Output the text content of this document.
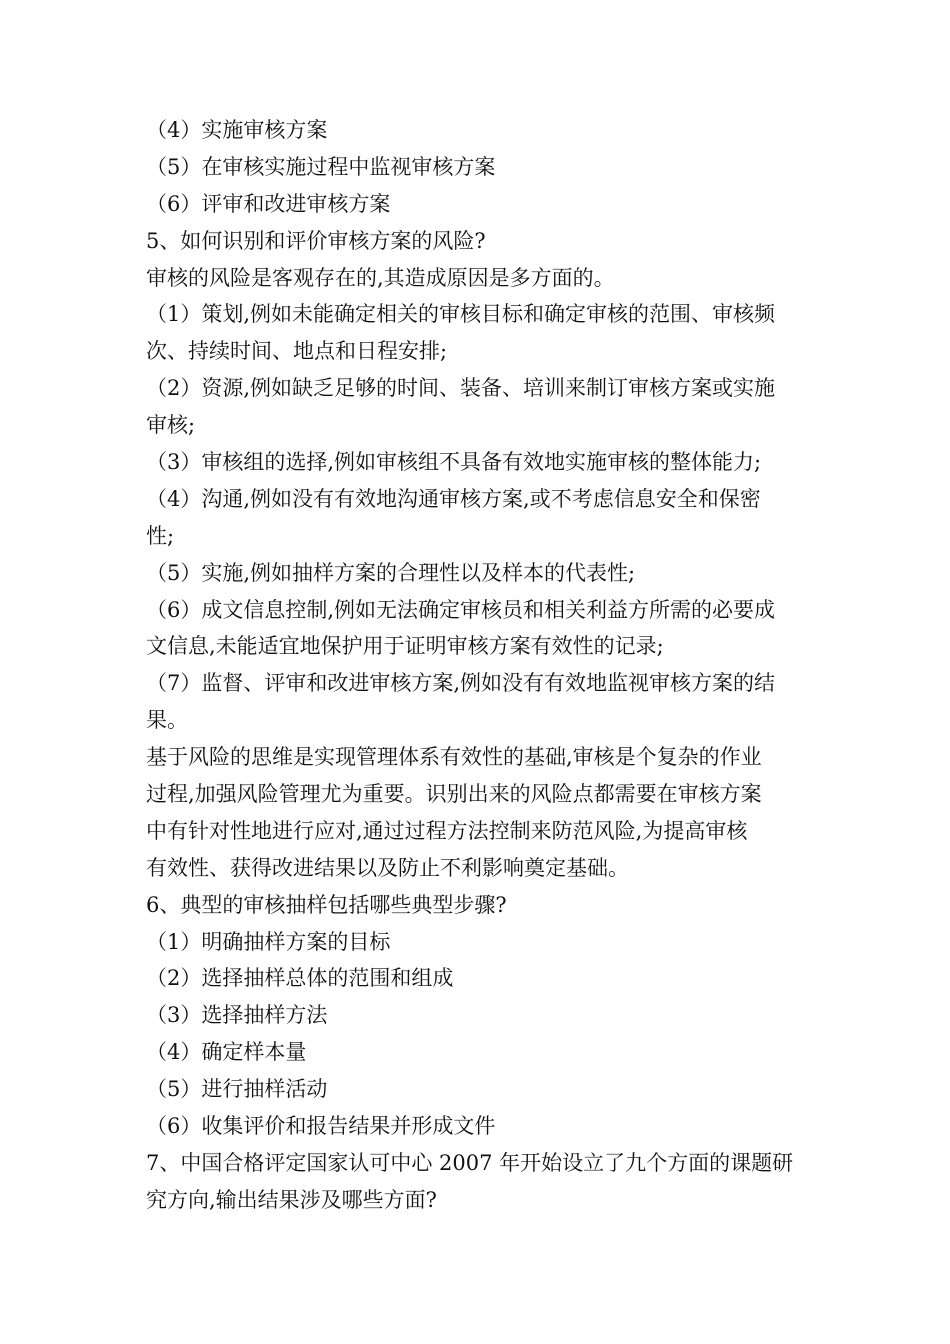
（4）实施审核方案
（5）在审核实施过程中监视审核方案
（6）评审和改进审核方案
5、如何识别和评价审核方案的风险?
审核的风险是客观存在的,其造成原因是多方面的。
（1）策划,例如未能确定相关的审核目标和确定审核的范围、审核频
次、持续时间、地点和日程安排;
（2）资源,例如缺乏足够的时间、装备、培训来制订审核方案或实施
审核;
（3）审核组的选择,例如审核组不具备有效地实施审核的整体能力;
（4）沟通,例如没有有效地沟通审核方案,或不考虑信息安全和保密
性;
（5）实施,例如抽样方案的合理性以及样本的代表性;
（6）成文信息控制,例如无法确定审核员和相关利益方所需的必要成
文信息,未能适宜地保护用于证明审核方案有效性的记录;
（7）监督、评审和改进审核方案,例如没有有效地监视审核方案的结
果。
基于风险的思维是实现管理体系有效性的基础,审核是个复杂的作业
过程,加强风险管理尤为重要。识别出来的风险点都需要在审核方案
中有针对性地进行应对,通过过程方法控制来防范风险,为提高审核
有效性、获得改进结果以及防止不利影响奠定基础。
6、典型的审核抽样包括哪些典型步骤?
（1）明确抽样方案的目标
（2）选择抽样总体的范围和组成
（3）选择抽样方法
（4）确定样本量
（5）进行抽样活动
（6）收集评价和报告结果并形成文件
7、中国合格评定国家认可中心 2007 年开始设立了九个方面的课题研
究方向,输出结果涉及哪些方面?
